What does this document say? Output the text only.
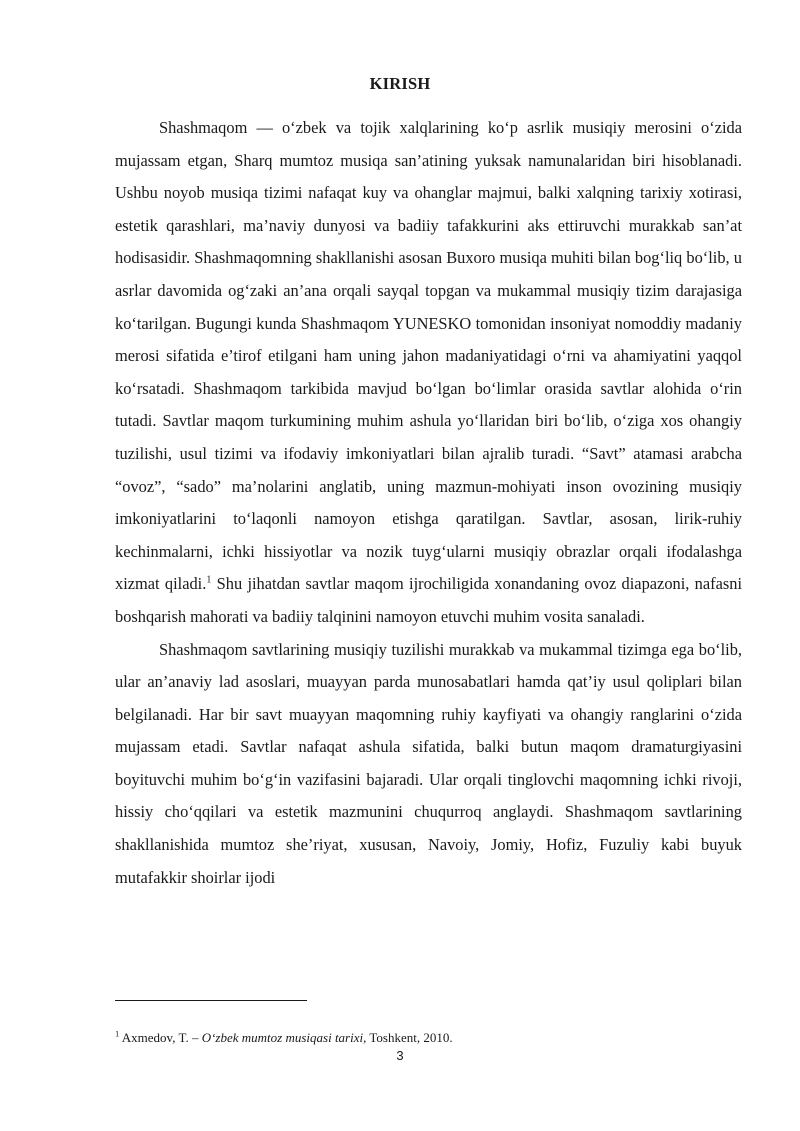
KIRISH

Shashmaqom — o‘zbek va tojik xalqlarining ko‘p asrlik musiqiy merosini o‘zida mujassam etgan, Sharq mumtoz musiqa san’atining yuksak namunalaridan biri hisoblanadi. Ushbu noyob musiqa tizimi nafaqat kuy va ohanglar majmui, balki xalqning tarixiy xotirasi, estetik qarashlari, ma’naviy dunyosi va badiiy tafakkurini aks ettiruvchi murakkab san’at hodisasidir. Shashmaqomning shakllanishi asosan Buxoro musiqa muhiti bilan bog‘liq bo‘lib, u asrlar davomida og‘zaki an’ana orqali sayqal topgan va mukammal musiqiy tizim darajasiga ko‘tarilgan. Bugungi kunda Shashmaqom YUNESKO tomonidan insoniyat nomoddiy madaniy merosi sifatida e’tirof etilgani ham uning jahon madaniyatidagi o‘rni va ahamiyatini yaqqol ko‘rsatadi. Shashmaqom tarkibida mavjud bo‘lgan bo‘limlar orasida savtlar alohida o‘rin tutadi. Savtlar maqom turkumining muhim ashula yo‘llaridan biri bo‘lib, o‘ziga xos ohangiy tuzilishi, usul tizimi va ifodaviy imkoniyatlari bilan ajralib turadi. “Savt” atamasi arabcha “ovoz”, “sado” ma’nolarini anglatib, uning mazmun-mohiyati inson ovozining musiqiy imkoniyatlarini to‘laqonli namoyon etishga qaratilgan. Savtlar, asosan, lirik-ruhiy kechinmalarni, ichki hissiyotlar va nozik tuyg‘ularni musiqiy obrazlar orqali ifodalashga xizmat qiladi.$^1$ Shu jihatdan savtlar maqom ijrochiligida xonandaning ovoz diapazoni, nafasni boshqarish mahorati va badiiy talqinini namoyon etuvchi muhim vosita sanaladi.

Shashmaqom savtlarining musiqiy tuzilishi murakkab va mukammal tizimga ega bo‘lib, ular an’anaviy lad asoslari, muayyan parda munosabatlari hamda qat’iy usul qoliplari bilan belgilanadi. Har bir savt muayyan maqomning ruhiy kayfiyati va ohangiy ranglarini o‘zida mujassam etadi. Savtlar nafaqat ashula sifatida, balki butun maqom dramaturgiyasini boyituvchi muhim bo‘g‘in vazifasini bajaradi. Ular orqali tinglovchi maqomning ichki rivoji, hissiy cho‘qqilari va estetik mazmunini chuqurroq anglaydi. Shashmaqom savtlarining shakllanishida mumtoz she’riyat, xususan, Navoiy, Jomiy, Hofiz, Fuzuliy kabi buyuk mutafakkir shoirlar ijodi

$^1$ Axmedov, T. – O‘zbek mumtoz musiqasi tarixi, Toshkent, 2010.
3
